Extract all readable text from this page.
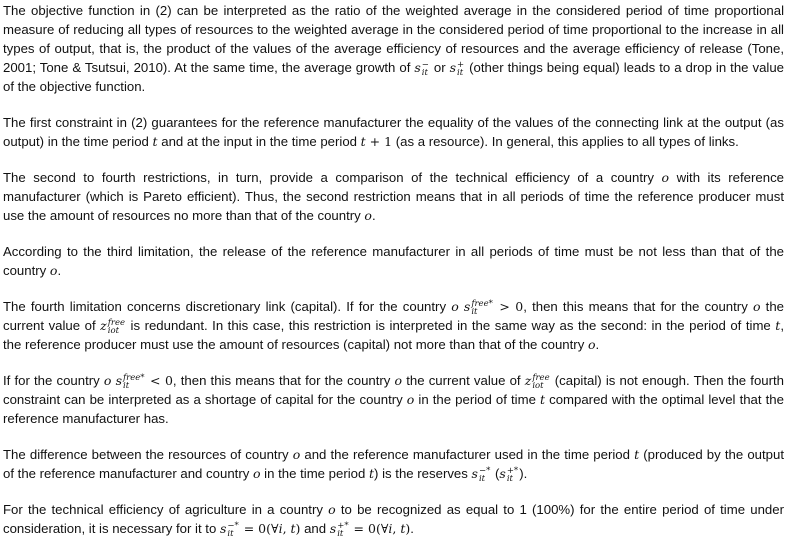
The objective function in (2) can be interpreted as the ratio of the weighted average in the considered period of time proportional measure of reducing all types of resources to the weighted average in the considered period of time proportional to the increase in all types of output, that is, the product of the values of the average efficiency of resources and the average efficiency of release (Tone, 2001; Tone & Tsutsui, 2010). At the same time, the average growth of s −
it or s +
it (other things being equal) leads to a drop in the value of the objective function.

The first constraint in (2) guarantees for the reference manufacturer the equality of the values of the connecting link at the output (as output) in the time period t and at the input in the time period t + 1 (as a resource). In general, this applies to all types of links.

The second to fourth restrictions, in turn, provide a comparison of the technical efficiency of a country o with its reference manufacturer (which is Pareto efficient). Thus, the second restriction means that in all periods of time the reference producer must use the amount of resources no more than that of the country o.

According to the third limitation, the release of the reference manufacturer in all periods of time must be not less than that of the country o.

The fourth limitation concerns discretionary link (capital). If for the country o s free*
it	> 0, then this means that for the country o the current value of z free
iot is redundant. In this case, this restriction is interpreted in the same way as the second: in the period of time t, the reference producer must use the amount of resources (capital) not more than that of the country o.

If for the country o s free*
it	< 0, then this means that for the country o the current value of z free
iot (capital) is not enough. Then the fourth constraint can be interpreted as a shortage of capital for the country o in the period of time t compared with the optimal level that the reference manufacturer has.

The difference between the resources of country o and the reference manufacturer used in the time period t (produced by the output of the reference manufacturer and country o in the time period t) is the reserves s −*
it (s +*
it ).

For the technical efficiency of agriculture in a country o to be recognized as equal to 1 (100%) for the entire period of time under consideration, it is necessary for it to s −*
it = 0(∀i, t) and s +*
it = 0(∀i, t).
